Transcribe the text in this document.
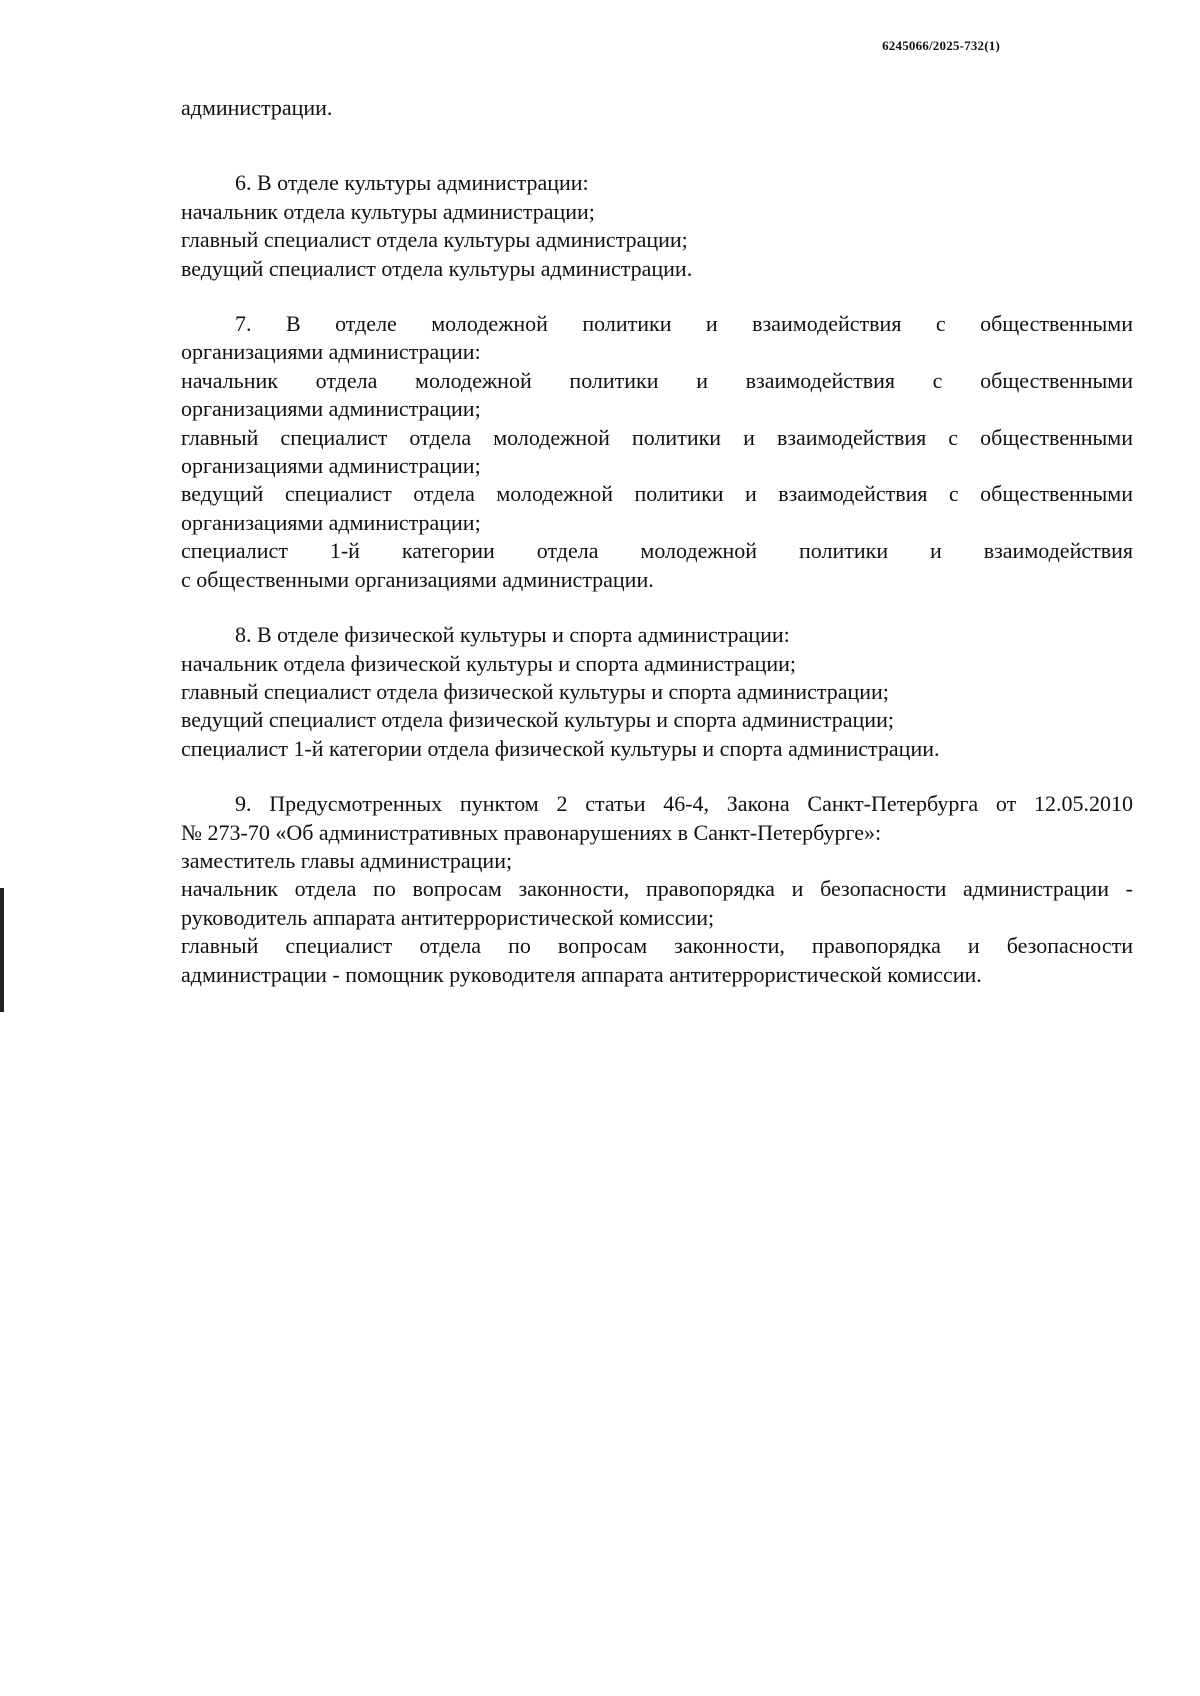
6245066/2025-732(1)
администрации.
6. В отделе культуры администрации:
начальник отдела культуры администрации;
главный специалист отдела культуры администрации;
ведущий специалист отдела культуры администрации.
7. В отделе молодежной политики и взаимодействия с общественными
организациями администрации:
начальник отдела молодежной политики и взаимодействия с общественными
организациями администрации;
главный специалист отдела молодежной политики и взаимодействия с общественными
организациями администрации;
ведущий специалист отдела молодежной политики и взаимодействия с общественными
организациями администрации;
специалист 1-й категории отдела молодежной политики и взаимодействия
с общественными организациями администрации.
8. В отделе физической культуры и спорта администрации:
начальник отдела физической культуры и спорта администрации;
главный специалист отдела физической культуры и спорта администрации;
ведущий специалист отдела физической культуры и спорта администрации;
специалист 1-й категории отдела физической культуры и спорта администрации.
9. Предусмотренных пунктом 2 статьи 46-4, Закона Санкт-Петербурга от 12.05.2010
№ 273-70 «Об административных правонарушениях в Санкт-Петербурге»:
заместитель главы администрации;
начальник отдела по вопросам законности, правопорядка и безопасности администрации -
руководитель аппарата антитеррористической комиссии;
главный специалист отдела по вопросам законности, правопорядка и безопасности
администрации - помощник руководителя аппарата антитеррористической комиссии.
